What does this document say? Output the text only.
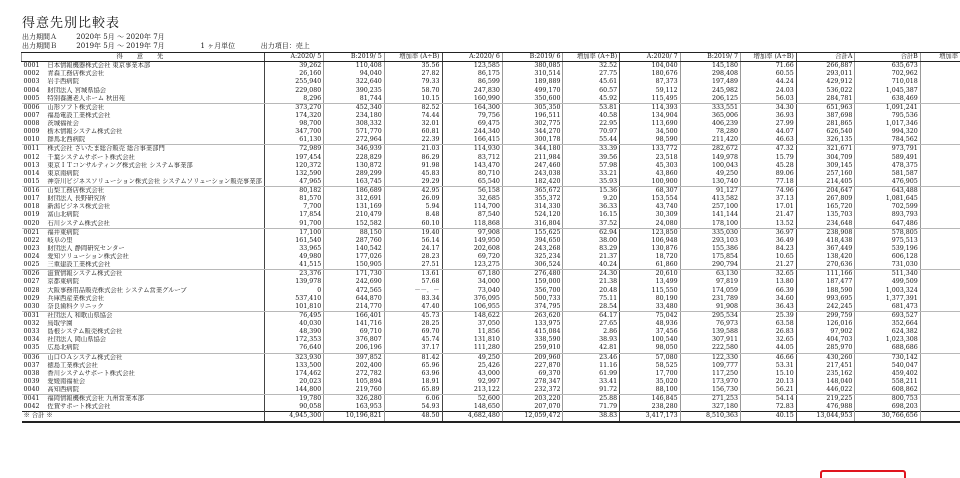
得意先別比較表
出力期間Ａ	2020年 5月 ～ 2020年 7月
出力期間Ｂ	2019年 5月 ～ 2019年 7月	1 ヶ月単位	出力項目：売上
得 意 先		A:2020/ 5	B:2019/ 5	増加率 (A÷B)	A:2020/ 6	B:2019/ 6	増加率 (A÷B)	A:2020/ 7	B:2019/ 7	増加率 (A÷B)	合計A	合計B	増加率
0001	日本情報機器株式会社 東京事業本部	39,262	110,408	35.56	123,585	380,085	32.52	104,040	145,180	71.66	266,887	635,673	
0002	青森工務店株式会社	26,160	94,040	27.82	86,175	310,514	27.75	180,676	298,408	60.55	293,011	702,962	
0003	岩手西病院	255,940	322,640	79.33	86,599	189,889	45.61	87,373	197,489	44.24	429,912	710,018	
0004	財団法人 宮城県協会	229,080	390,235	58.70	247,830	499,170	60.57	59,112	245,982	24.03	536,022	1,045,387	
0005	特別養護老人ホーム 秋田苑	8,296	81,744	10.15	160,990	350,600	45.92	115,495	206,125	56.03	284,781	638,469	
0006	山形ソフト株式会社	373,270	452,340	82.52	164,300	305,350	53.81	114,393	333,551	34.30	651,963	1,091,241	
0007	福島電設工業株式会社	174,320	234,180	74.44	79,756	196,511	40.58	134,904	365,006	36.93	387,698	795,536	
0008	茨城福祉会	98,700	308,332	32.01	69,475	302,775	22.95	113,690	406,239	27.99	281,865	1,017,346	
0009	栃木情報システム株式会社	347,700	571,770	60.81	244,340	344,270	70.97	34,500	78,280	44.07	626,540	994,320	
0010	群馬北西病院	61,130	272,964	22.39	166,415	300,178	55.44	98,590	211,420	46.63	326,135	784,562	
0011	株式会社 さいたま総合販売 総合事業部門	72,989	346,939	21.03	114,930	344,180	33.39	133,772	282,672	47.32	321,671	973,791	
0012	千葉システムサポート株式会社	197,454	228,829	86.29	83,712	211,984	39.56	23,518	149,978	15.79	304,709	589,491	
0013	東京ＩＴコンサルティング株式会社 システム事業部	120,372	130,872	91.98	143,470	247,460	57.98	45,303	100,043	45.28	309,145	478,375	
0014	東京南病院	132,590	289,299	45.83	80,710	243,038	33.21	43,860	49,250	89.06	257,160	581,587	
0015	神奈川ビジネスソリューション株式会社 システムソリューション販売事業部	47,965	163,745	29.29	65,540	182,420	35.93	100,900	130,740	77.18	214,405	476,905	
0016	山梨工務店株式会社	80,182	186,689	42.95	56,158	365,672	15.36	68,307	91,127	74.96	204,647	643,488	
0017	財団法人 長野研究所	81,570	312,691	26.09	32,685	355,372	9.20	153,554	413,582	37.13	267,809	1,081,645	
0018	新潟ビジネス株式会社	7,700	131,169	5.94	114,700	314,330	36.33	43,740	257,100	17.01	165,720	702,599	
0019	富山北病院	17,854	210,479	8.48	87,540	524,120	16.15	30,309	141,144	21.47	135,703	893,793	
0020	石川システム株式会社	91,700	152,582	60.10	118,868	316,804	37.52	24,080	178,100	13.52	234,648	647,486	
0021	福井東病院	17,100	88,150	19.40	97,908	155,625	62.94	123,850	335,030	36.97	238,908	578,805	
0022	岐阜の里	161,540	287,760	56.14	149,950	394,650	38.00	106,948	293,103	36.49	418,438	975,513	
0023	財団法人 静岡研究センター	33,965	140,542	24.17	202,608	243,268	83.29	130,876	155,386	84.23	367,449	539,196	
0024	愛知ソリューション株式会社	49,980	177,026	28.23	69,720	325,234	21.37	18,720	175,854	10.65	138,420	606,128	
0025	三重建設工業株式会社	41,515	150,905	27.51	123,275	306,524	40.24	61,860	290,794	21.27	270,636	731,030	
0026	滋賀情報システム株式会社	23,376	171,730	13.61	67,180	276,480	24.30	20,610	63,130	32.65	111,166	511,340	
0027	京都東病院	139,978	242,690	57.68	34,000	159,000	21.38	13,499	97,819	13.80	187,477	499,509	
0028	大阪事務用品販売株式会社 システム営業グループ	0	472,565	－－．－	73,040	356,700	20.48	115,550	174,059	66.39	188,590	1,003,324	
0029	兵庫西産業株式会社	537,410	644,870	83.34	376,095	500,733	75.11	80,190	231,789	34.60	993,695	1,377,391	
0030	奈良歯科クリニック	101,810	214,770	47.40	106,955	374,795	28.54	33,480	91,908	36.43	242,245	681,473	
0031	社団法人 和歌山県協会	76,495	166,401	45.73	148,622	263,620	64.17	75,042	295,534	25.39	299,759	693,527	
0032	鳥取学園	40,030	141,716	28.25	37,050	133,975	27.65	48,936	76,973	63.58	126,016	352,664	
0033	島根システム販売株式会社	48,390	69,710	69.70	11,856	415,084	2.86	37,456	139,588	26.83	97,902	624,382	
0034	社団法人 岡山県協会	172,353	376,807	45.74	131,810	338,590	38.93	100,540	307,911	32.65	404,703	1,023,308	
0035	広島北病院	76,640	206,196	37.17	111,280	259,910	42.81	98,050	222,580	44.05	285,970	688,686	
0036	山口ＯＡシステム株式会社	323,930	397,852	81.42	49,250	209,960	23.46	57,080	122,330	46.66	430,260	730,142	
0037	徳島工業株式会社	133,500	202,400	65.96	25,426	227,870	11.16	58,525	109,777	53.31	217,451	540,047	
0038	香川システムサポート株式会社	174,462	272,782	63.96	43,000	69,370	61.99	17,700	117,250	15.10	235,162	459,402	
0039	愛媛南福祉会	20,023	105,894	18.91	92,997	278,347	33.41	35,020	173,970	20.13	148,040	558,211	
0040	高知西病院	144,800	219,760	65.89	213,122	232,372	91.72	88,100	156,730	56.21	446,022	608,862	
0041	福岡情報機株式会社 九州営業本部	19,780	326,280	6.06	52,600	203,220	25.88	146,845	271,253	54.14	219,225	800,753	
0042	佐賀サポート株式会社	90,058	163,953	54.93	148,650	207,070	71.79	238,280	327,180	72.83	476,988	698,203	
※ 合計 ※		4,945,300	10,196,821	48.50	4,682,480	12,059,472	38.83	3,417,173	8,510,363	40.15	13,044,953	30,766,656	
